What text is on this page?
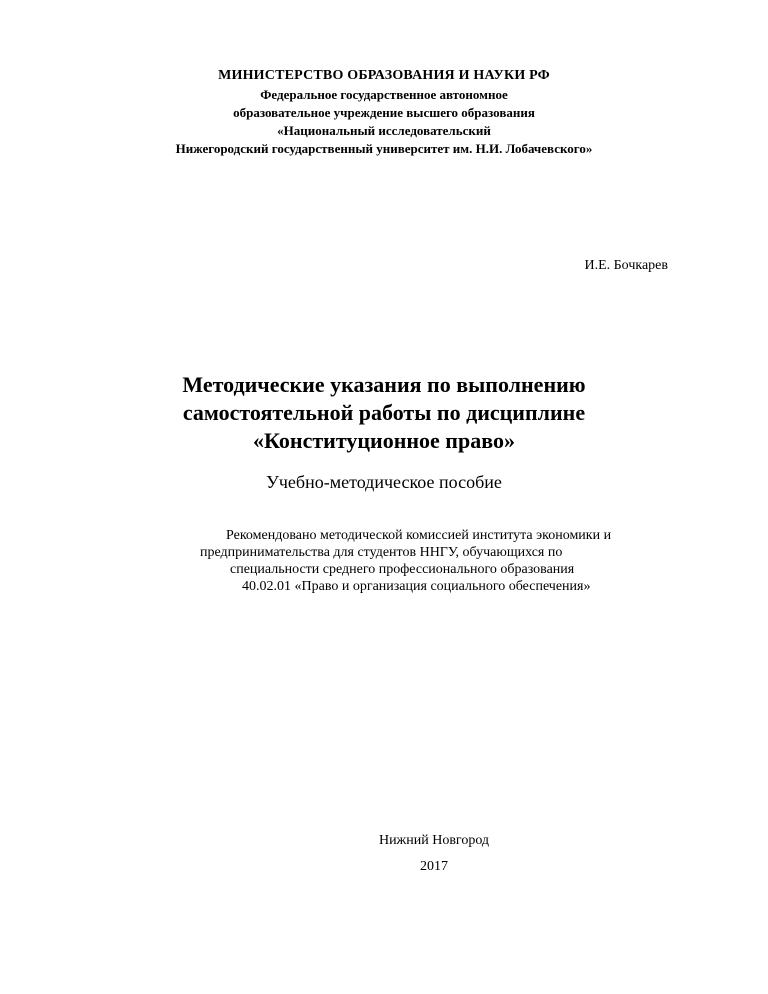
МИНИСТЕРСТВО ОБРАЗОВАНИЯ И НАУКИ РФ
Федеральное государственное автономное
образовательное учреждение высшего образования
«Национальный исследовательский
Нижегородский государственный университет им. Н.И. Лобачевского»
И.Е. Бочкарев
Методические указания по выполнению
самостоятельной работы по дисциплине
«Конституционное право»
Учебно-методическое пособие
Рекомендовано методической комиссией института экономики и
предпринимательства для студентов ННГУ, обучающихся по
специальности среднего профессионального образования
40.02.01 «Право и организация социального обеспечения»
Нижний Новгород
2017
